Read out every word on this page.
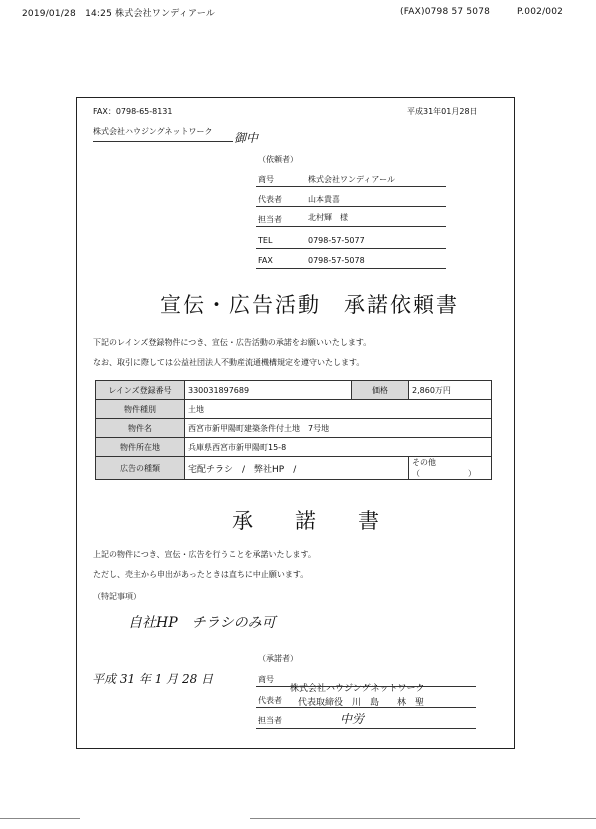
2019/01/28　14:25 株式会社ワンディアール	(FAX)0798 57 5078	P.002/002
FAX：0798-65-8131	平成31年01月28日
株式会社ハウジングネットワーク 御中
（依頼者）
商号	株式会社ワンディアール
代表者	山本貴喜
担当者	北村輝　様
TEL	0798-57-5077
FAX	0798-57-5078
宣伝・広告活動　承諾依頼書
下記のレインズ登録物件につき、宣伝・広告活動の承諾をお願いいたします。
なお、取引に際しては公益社団法人不動産流通機構規定を遵守いたします。
レインズ登録番号	330031897689	価格	2,860万円
物件種別	土地		
物件名	西宮市新甲陽町建築条件付土地　7号地		
物件所在地	兵庫県西宮市新甲陽町15-8		
広告の種類	宅配チラシ　/　弊社HP　/		その他（　　　　　　）
承　　諾　　書
上記の物件につき、宣伝・広告を行うことを承諾いたします。
ただし、売主から申出があったときは直ちに中止願います。
（特記事項）
自社HP　チラシのみ可
平成 31 年 1 月 28 日
（承諾者）
商号
株式会社ハウジングネットワーク
代表者 代表取締役　川　島　　林　聖
担当者	中労
